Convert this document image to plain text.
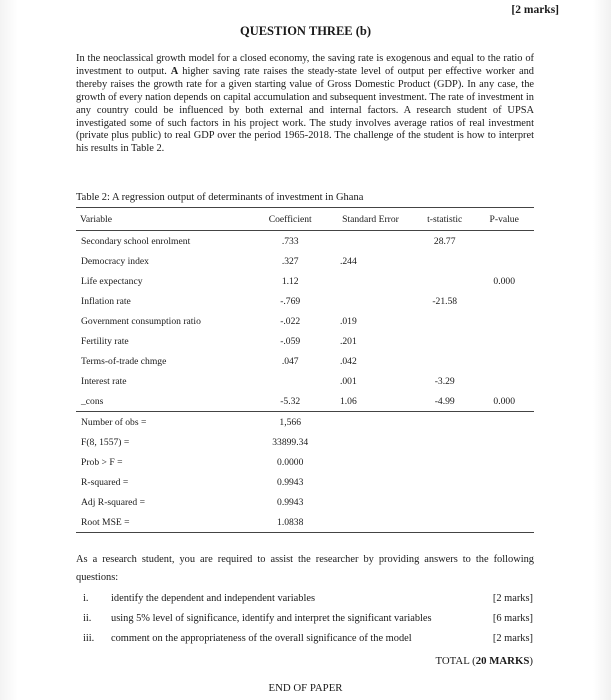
[2 marks]
QUESTION THREE (b)

In the neoclassical growth model for a closed economy, the saving rate is exogenous and equal to the ratio of investment to output. A higher saving rate raises the steady-state level of output per effective worker and thereby raises the growth rate for a given starting value of Gross Domestic Product (GDP). In any case, the growth of every nation depends on capital accumulation and subsequent investment. The rate of investment in any country could be influenced by both external and internal factors. A research student of UPSA investigated some of such factors in his project work. The study involves average ratios of real investment (private plus public) to real GDP over the period 1965-2018. The challenge of the student is how to interpret his results in Table 2.

Table 2: A regression output of determinants of investment in Ghana
Variable	Coefficient	Standard Error	t-statistic	P-value
Secondary school enrolment	.733		28.77	
Democracy index	.327	.244		
Life expectancy	1.12			0.000
Inflation rate	-.769		-21.58	
Government consumption ratio	-.022	.019		
Fertility rate	-.059	.201		
Terms-of-trade chmge	.047	.042		
Interest rate		.001	-3.29	
_cons	-5.32	1.06	-4.99	0.000
Number of obs =	1,566			
F(8, 1557) =	33899.34			
Prob > F =	0.0000			
R-squared =	0.9943			
Adj R-squared =	0.9943			
Root MSE =	1.0838			
As a research student, you are required to assist the researcher by providing answers to the following questions:
i. identify the dependent and independent variables	[2 marks]
ii. using 5% level of significance, identify and interpret the significant variables	[6 marks]
iii. comment on the appropriateness of the overall significance of the model	[2 marks]
TOTAL (20 MARKS)
END OF PAPER
